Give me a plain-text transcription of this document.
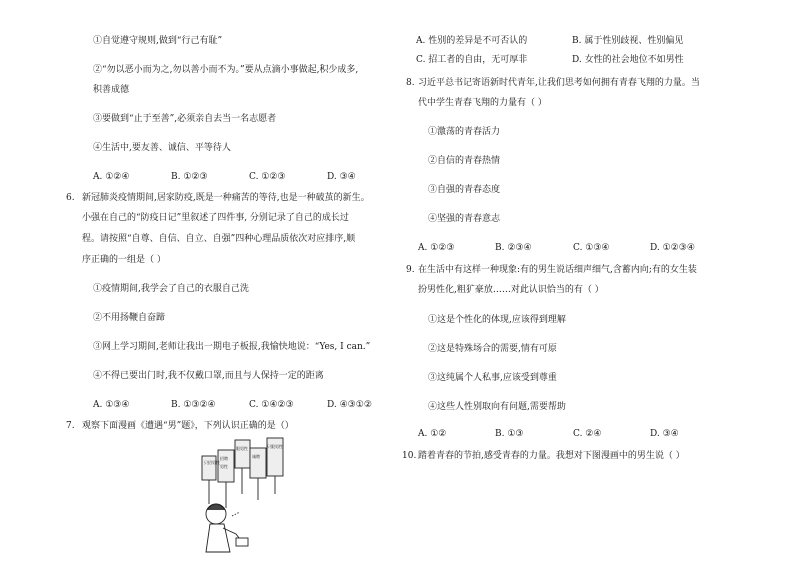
①自觉遵守规则,做到“行己有耻”
②“勿以恶小而为之,勿以善小而不为。”要从点滴小事做起,积少成多,
积善成德
③要做到“止于至善”,必须亲自去当一名志愿者
④生活中,要友善、诚信、平等待人
A. ①②④	B. ①②③	C. ①②③	D. ③④
6. 新冠肺炎疫情期间,居家防疫,既是一种痛苦的等待,也是一种破茧的新生。
小强在自己的“防疫日记”里叙述了四件事, 分别记录了自己的成长过
程。请按照“自尊、自信、自立、自强”四种心理品质依次对应排序,顺
序正确的一组是（ ）
①疫情期间,我学会了自己的衣服自己洗
②不用扬鞭自奋蹄
③网上学习期间,老师让我出一期电子板报,我愉快地说：“Yes, I can.”
④不得已要出门时,我不仅戴口罩,而且与人保持一定的距离
A. ①③④	B. ①③②④	C. ①④②③	D. ④③①②
7. 观察下面漫画《遭遇“男”题》，下列认识正确的是（）
只招男性
招聘
男性
限男性
诚聘
只限男性
A. 性别的差异是不可否认的	B. 属于性别歧视、性别偏见
C. 招工者的自由，无可厚非	D. 女性的社会地位不如男性
8. 习近平总书记寄语新时代青年,让我们思考如何拥有青春飞翔的力量。当
代中学生青春飞翔的力量有（ ）
①激荡的青春活力
②自信的青春热情
③自强的青春态度
④坚强的青春意志
A. ①②③	B. ②③④	C. ①③④	D. ①②③④
9. 在生活中有这样一种现象:有的男生说话细声细气,含蓄内向;有的女生装
扮男性化,粗犷豪放……对此认识恰当的有（ ）
①这是个性化的体现,应该得到理解
②这是特殊场合的需要,情有可原
③这纯属个人私事,应该受到尊重
④这些人性别取向有问题,需要帮助
A. ①②	B. ①③	C. ②④	D. ③④
10. 踏着青春的节拍,感受青春的力量。我想对下图漫画中的男生说（ ）
